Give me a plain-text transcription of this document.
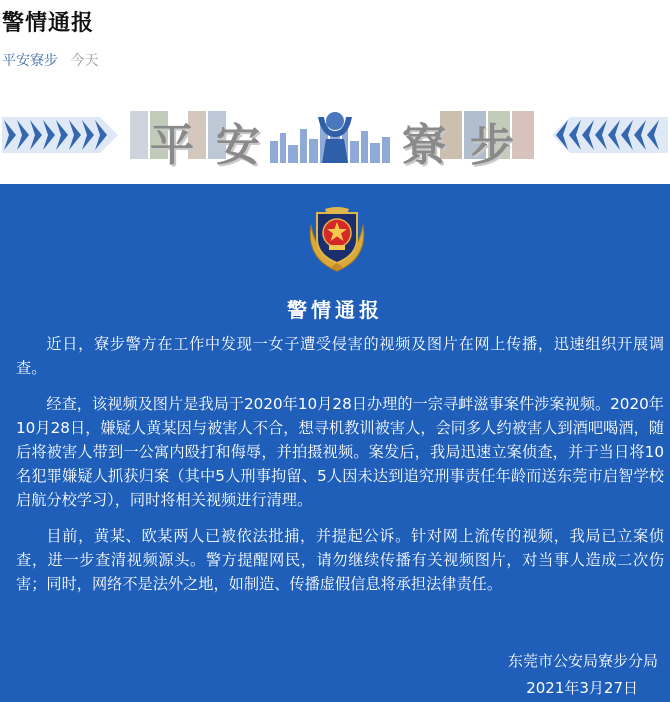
警情通报
平安寮步 今天
平 安	寮 步
警情通报

近日，寮步警方在工作中发现一女子遭受侵害的视频及图片在网上传播，迅速组织开展调查。

经查，该视频及图片是我局于2020年10月28日办理的一宗寻衅滋事案件涉案视频。2020年10月28日，嫌疑人黄某因与被害人不合，想寻机教训被害人，会同多人约被害人到酒吧喝酒，随后将被害人带到一公寓内殴打和侮辱，并拍摄视频。案发后，我局迅速立案侦查，并于当日将10名犯罪嫌疑人抓获归案（其中5人刑事拘留、5人因未达到追究刑事责任年龄而送东莞市启智学校启航分校学习），同时将相关视频进行清理。

目前，黄某、欧某两人已被依法批捕，并提起公诉。针对网上流传的视频，我局已立案侦查，进一步查清视频源头。警方提醒网民，请勿继续传播有关视频图片，对当事人造成二次伤害；同时，网络不是法外之地，如制造、传播虚假信息将承担法律责任。

东莞市公安局寮步分局
2021年3月27日
